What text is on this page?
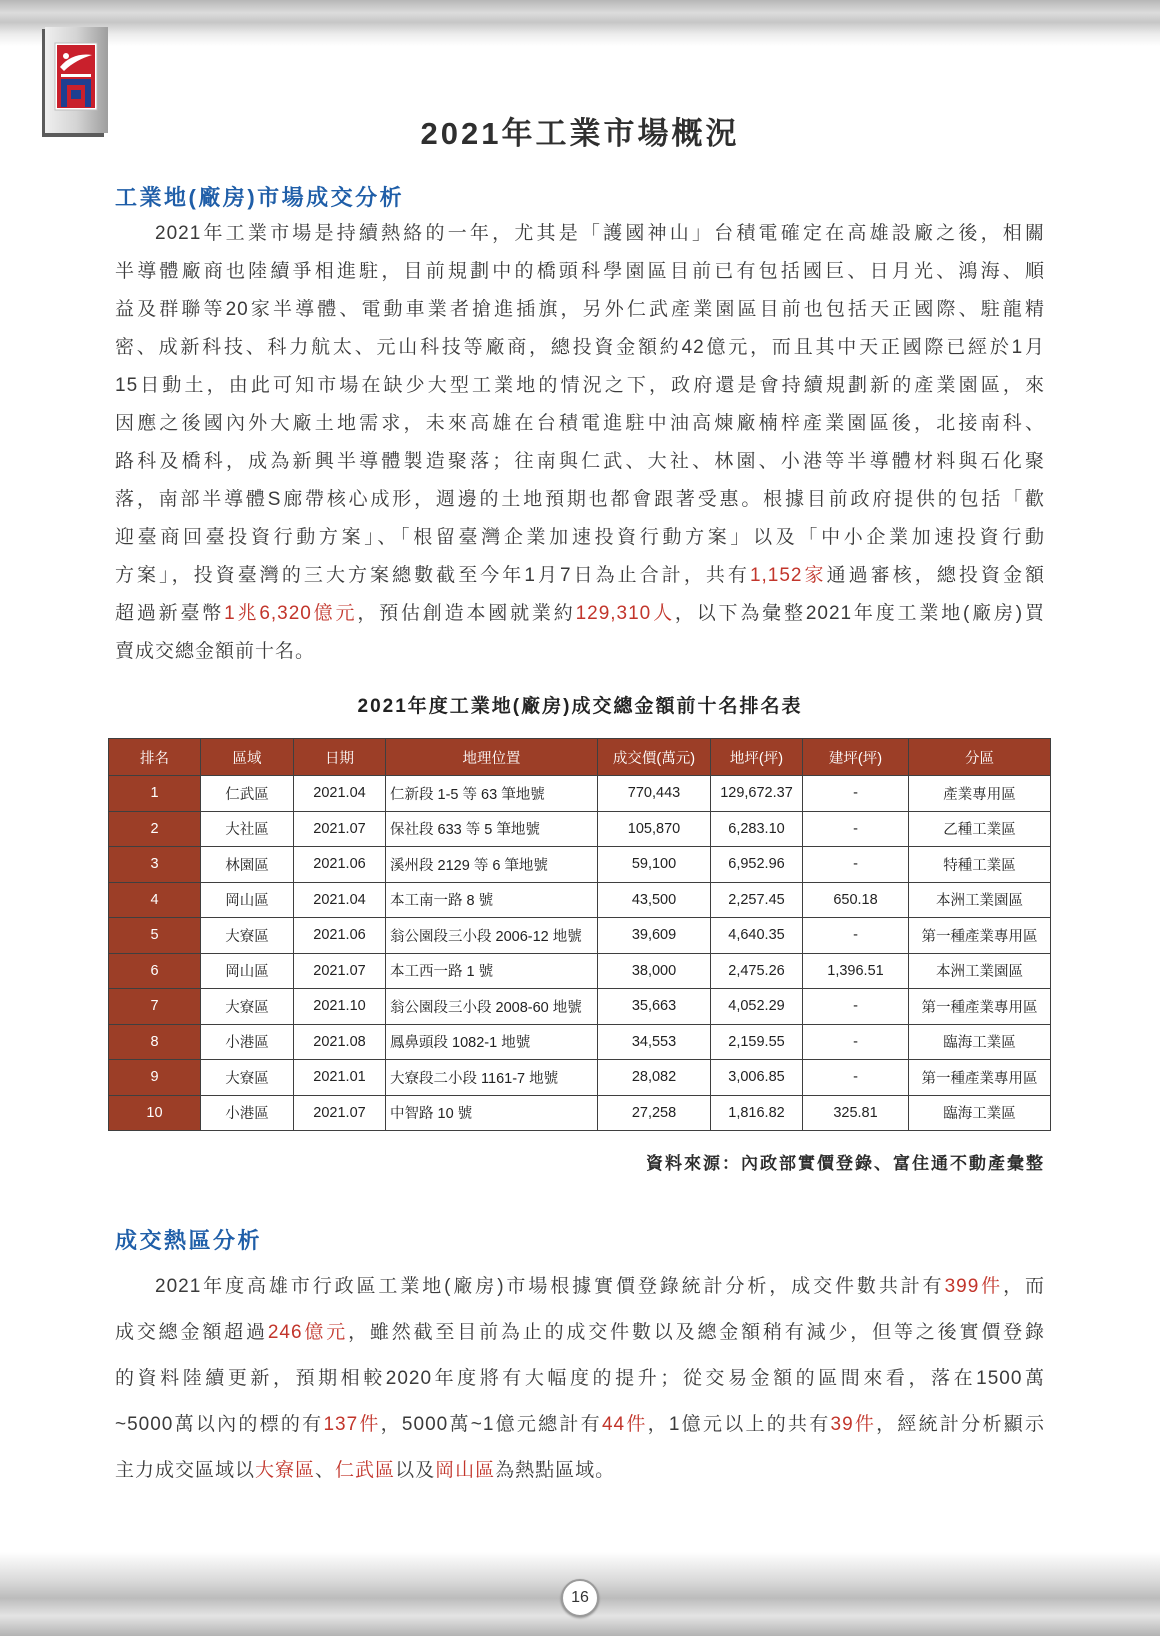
2021年工業市場概況
工業地(廠房)市場成交分析
2021年工業市場是持續熱絡的一年，尤其是「護國神山」台積電確定在高雄設廠之後，相關
半導體廠商也陸續爭相進駐，目前規劃中的橋頭科學園區目前已有包括國巨、日月光、鴻海、順
益及群聯等20家半導體、電動車業者搶進插旗，另外仁武產業園區目前也包括天正國際、駐龍精
密、成新科技、科力航太、元山科技等廠商，總投資金額約42億元，而且其中天正國際已經於1月
15日動土，由此可知市場在缺少大型工業地的情況之下，政府還是會持續規劃新的產業園區，來
因應之後國內外大廠土地需求，未來高雄在台積電進駐中油高煉廠楠梓產業園區後，北接南科、
路科及橋科，成為新興半導體製造聚落；往南與仁武、大社、林園、小港等半導體材料與石化聚
落，南部半導體S廊帶核心成形，週邊的土地預期也都會跟著受惠。根據目前政府提供的包括「歡
迎臺商回臺投資行動方案」、「根留臺灣企業加速投資行動方案」以及「中小企業加速投資行動
方案」，投資臺灣的三大方案總數截至今年1月7日為止合計，共有1,152家通過審核，總投資金額
超過新臺幣1兆6,320億元，預估創造本國就業約129,310人，以下為彙整2021年度工業地(廠房)買
賣成交總金額前十名。
2021年度工業地(廠房)成交總金額前十名排名表
排名	區域	日期	地理位置	成交價(萬元)	地坪(坪)	建坪(坪)	分區
1	仁武區	2021.04	仁新段 1-5 等 63 筆地號	770,443	129,672.37	-	產業專用區
2	大社區	2021.07	保社段 633 等 5 筆地號	105,870	6,283.10	-	乙種工業區
3	林園區	2021.06	溪州段 2129 等 6 筆地號	59,100	6,952.96	-	特種工業區
4	岡山區	2021.04	本工南一路 8 號	43,500	2,257.45	650.18	本洲工業園區
5	大寮區	2021.06	翁公園段三小段 2006-12 地號	39,609	4,640.35	-	第一種產業專用區
6	岡山區	2021.07	本工西一路 1 號	38,000	2,475.26	1,396.51	本洲工業園區
7	大寮區	2021.10	翁公園段三小段 2008-60 地號	35,663	4,052.29	-	第一種產業專用區
8	小港區	2021.08	鳳鼻頭段 1082-1 地號	34,553	2,159.55	-	臨海工業區
9	大寮區	2021.01	大寮段二小段 1161-7 地號	28,082	3,006.85	-	第一種產業專用區
10	小港區	2021.07	中智路 10 號	27,258	1,816.82	325.81	臨海工業區
資料來源：內政部實價登錄、富住通不動產彙整
成交熱區分析
2021年度高雄市行政區工業地(廠房)市場根據實價登錄統計分析，成交件數共計有399件，而
成交總金額超過246億元，雖然截至目前為止的成交件數以及總金額稍有減少，但等之後實價登錄
的資料陸續更新，預期相較2020年度將有大幅度的提升；從交易金額的區間來看，落在1500萬
~5000萬以內的標的有137件，5000萬~1億元總計有44件，1億元以上的共有39件，經統計分析顯示
主力成交區域以大寮區、仁武區以及岡山區為熱點區域。
16
